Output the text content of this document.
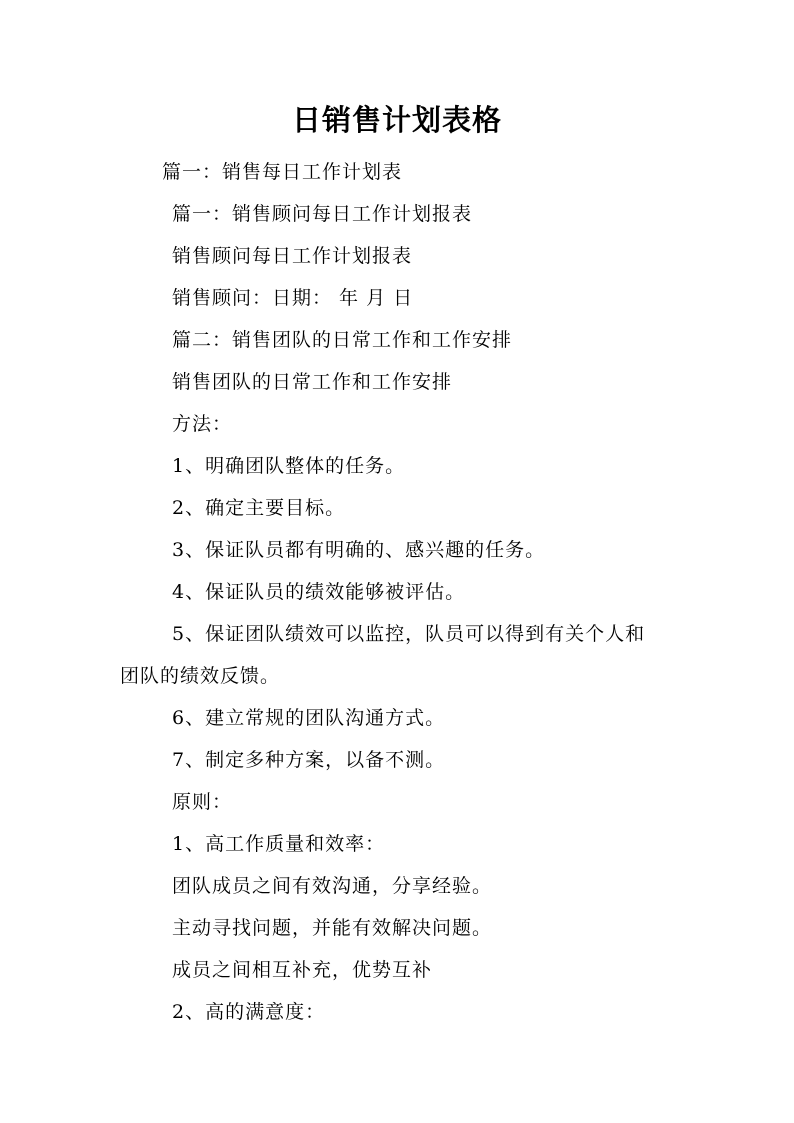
日销售计划表格
篇一：销售每日工作计划表
篇一：销售顾问每日工作计划报表
销售顾问每日工作计划报表
销售顾问：日期： 年 月 日
篇二：销售团队的日常工作和工作安排
销售团队的日常工作和工作安排
方法：
1、明确团队整体的任务。
2、确定主要目标。
3、保证队员都有明确的、感兴趣的任务。
4、保证队员的绩效能够被评估。
5、保证团队绩效可以监控，队员可以得到有关个人和
团队的绩效反馈。
6、建立常规的团队沟通方式。
7、制定多种方案，以备不测。
原则：
1、高工作质量和效率：
团队成员之间有效沟通，分享经验。
主动寻找问题，并能有效解决问题。
成员之间相互补充，优势互补
2、高的满意度：
